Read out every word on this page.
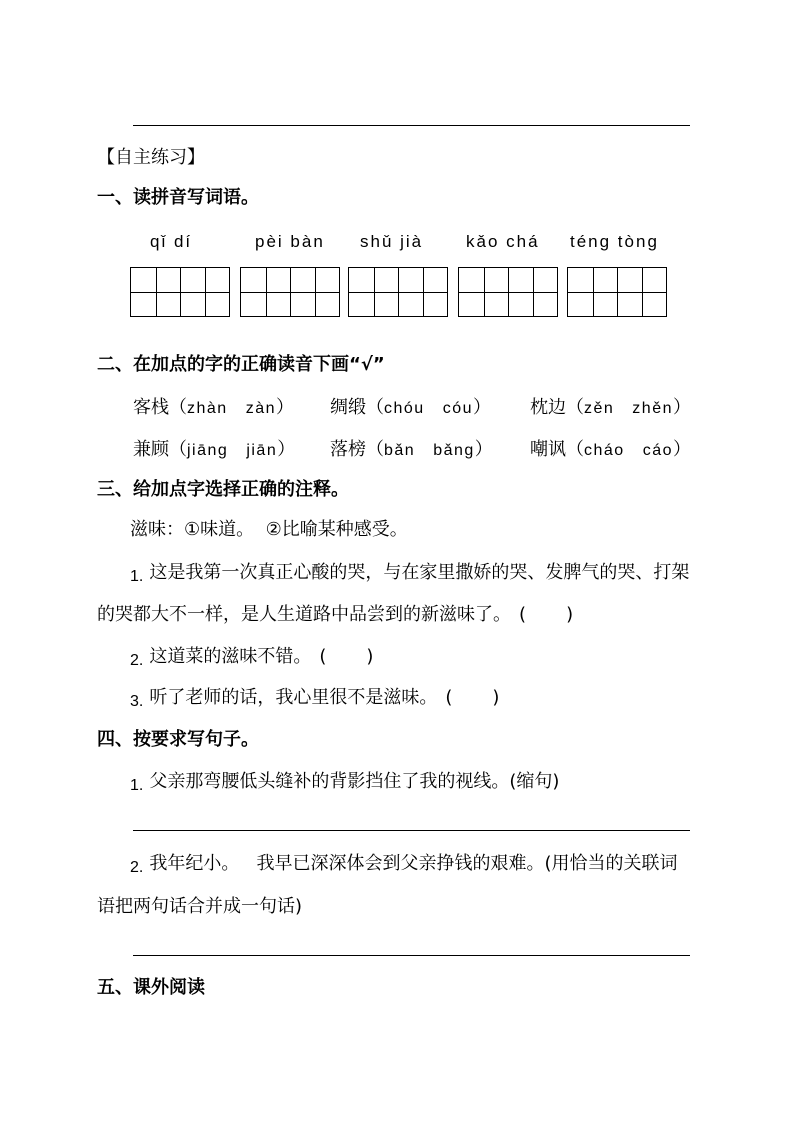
【自主练习】
一、读拼音写词语。
qǐ dí	pèi bàn shǔ jià	kǎo chá téng tòng
二、在加点的字的正确读音下画“√”
客栈（zhàn zàn） 绸缎（chóu cóu） 枕边（zěn zhěn）
兼顾（jiāng jiān） 落榜（bǎn bǎng） 嘲讽（cháo cáo）
三、给加点字选择正确的注释。
滋味：①味道。  ②比喻某种感受。
1. 这是我第一次真正心酸的哭，与在家里撒娇的哭、发脾气的哭、打架
的哭都大不一样，是人生道路中品尝到的新滋味了。 (       )
2. 这道菜的滋味不错。 (       )
3. 听了老师的话，我心里很不是滋味。 (       )
四、按要求写句子。
1. 父亲那弯腰低头缝补的背影挡住了我的视线。(缩句)
2. 我年纪小。   我早已深深体会到父亲挣钱的艰难。(用恰当的关联词
语把两句话合并成一句话)
五、课外阅读
